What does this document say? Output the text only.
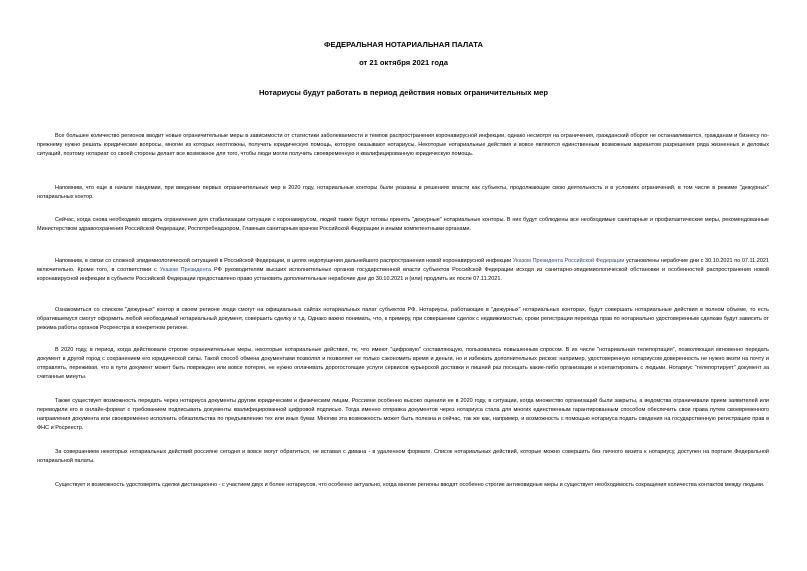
ФЕДЕРАЛЬНАЯ НОТАРИАЛЬНАЯ ПАЛАТА
от 21 октября 2021 года
Нотариусы будут работать в период действия новых ограничительных мер

Все большее количество регионов вводит новые ограничительные меры в зависимости от статистики заболеваемости и темпов распространения коронавирусной инфекции, однако несмотря на ограничения, гражданский оборот не останавливается, гражданам и бизнесу по-прежнему нужно решать юридические вопросы, многие из которых неотложны, получать юридическую помощь, которую оказывают нотариусы. Некоторые нотариальные действия и вовсе являются единственным возможным вариантом разрешения ряда жизненных и деловых ситуаций, поэтому нотариат со своей стороны делает все возможное для того, чтобы люди могли получить своевременную и квалифицированную юридическую помощь.

Напомним, что еще в начале пандемии, при введении первых ограничительных мер в 2020 году, нотариальные конторы были указаны в решениях власти как субъекты, продолжающие свою деятельность и в условиях ограничений, в том числе в режиме "дежурных" нотариальных контор.

Сейчас, когда снова необходимо вводить ограничения для стабилизации ситуации с коронавирусом, людей также будут готовы принять "дежурные" нотариальные конторы. В них будут соблюдены все необходимые санитарные и профилактические меры, рекомендованные Министерством здравоохранения Российской Федерации, Роспотребнадзором, Главным санитарным врачом Российской Федерации и иными компетентными органами.

Напомним, в связи со сложной эпидемиологической ситуацией в Российской Федерации, в целях недопущения дальнейшего распространения новой коронавирусной инфекции Указом Президента Российской Федерации установлены нерабочие дни с 30.10.2021 по 07.11.2021 включительно. Кроме того, в соответствии с Указом Президента РФ руководителям высших исполнительных органов государственной власти субъектов Российской Федерации исходя из санитарно-эпидемиологической обстановки и особенностей распространения новой коронавирусной инфекции в субъекте Российской Федерации предоставлено право установить дополнительные нерабочие дни до 30.10.2021 и (или) продлить их после 07.11.2021.

Ознакомиться со списком "дежурных" контор в своем регионе люди смогут на официальных сайтах нотариальных палат субъектов РФ. Нотариусы, работающие в "дежурных" нотариальных конторах, будут совершать нотариальные действия в полном объеме, то есть обратившемуся смогут оформить любой необходимый нотариальный документ, совершить сделку и т.д. Однако важно понимать, что, к примеру, при совершении сделок с недвижимостью, сроки регистрации перехода прав по нотариально удостоверенным сделкам будут зависеть от режима работы органов Росреестра в конкретном регионе.

В 2020 году, в период, когда действовали строгие ограничительные меры, некоторые нотариальные действия, те, что имеют "цифровую" составляющую, пользовались повышенным спросом. В их числе "нотариальная телепортация", позволяющая мгновенно передать документ в другой город с сохранением его юридической силы. Такой способ обмена документами позволял и позволяет не только сэкономить время и деньги, но и избежать дополнительных рисков: например, удостоверенную нотариусом доверенность не нужно везти на почту и отправлять, переживая, что в пути документ может быть поврежден или вовсе потерян, не нужно оплачивать дорогостоящие услуги сервисов курьерской доставки и лишний раз посещать какие-либо организации и контактировать с людьми. Нотариус "телепортирует" документ за считанные минуты.

Также существует возможность передать через нотариуса документы другим юридическим и физическим лицам. Россияне особенно высоко оценили ее в 2020 году, в ситуации, когда множество организаций были закрыты, а ведомства ограничивали прием заявителей или переводили его в онлайн-формат с требованием подписывать документы квалифицированной цифровой подписью. Тогда именно отправка документов через нотариуса стала для многих единственным гарантированным способом обеспечить свои права путем своевременного направления документа или своевременно исполнить обязательства по предъявлению тех или иных бумаг. Многим эта возможность может быть полезна и сейчас, так же как, например, и возможность с помощью нотариуса подать сведения на государственную регистрацию прав в ФНС и Росреестр.

За совершением некоторых нотариальных действий россияне сегодня и вовсе могут обратиться, не вставая с дивана - в удаленном формате. Список нотариальных действий, которые можно совершить без личного визита к нотариусу, доступен на портале Федеральной нотариальной палаты.

Существует и возможность удостоверять сделки дистанционно - с участием двух и более нотариусов, что особенно актуально, когда многие регионы вводят особенно строгие антиковидные меры и существует необходимость сокращения количества контактов между людьми.
